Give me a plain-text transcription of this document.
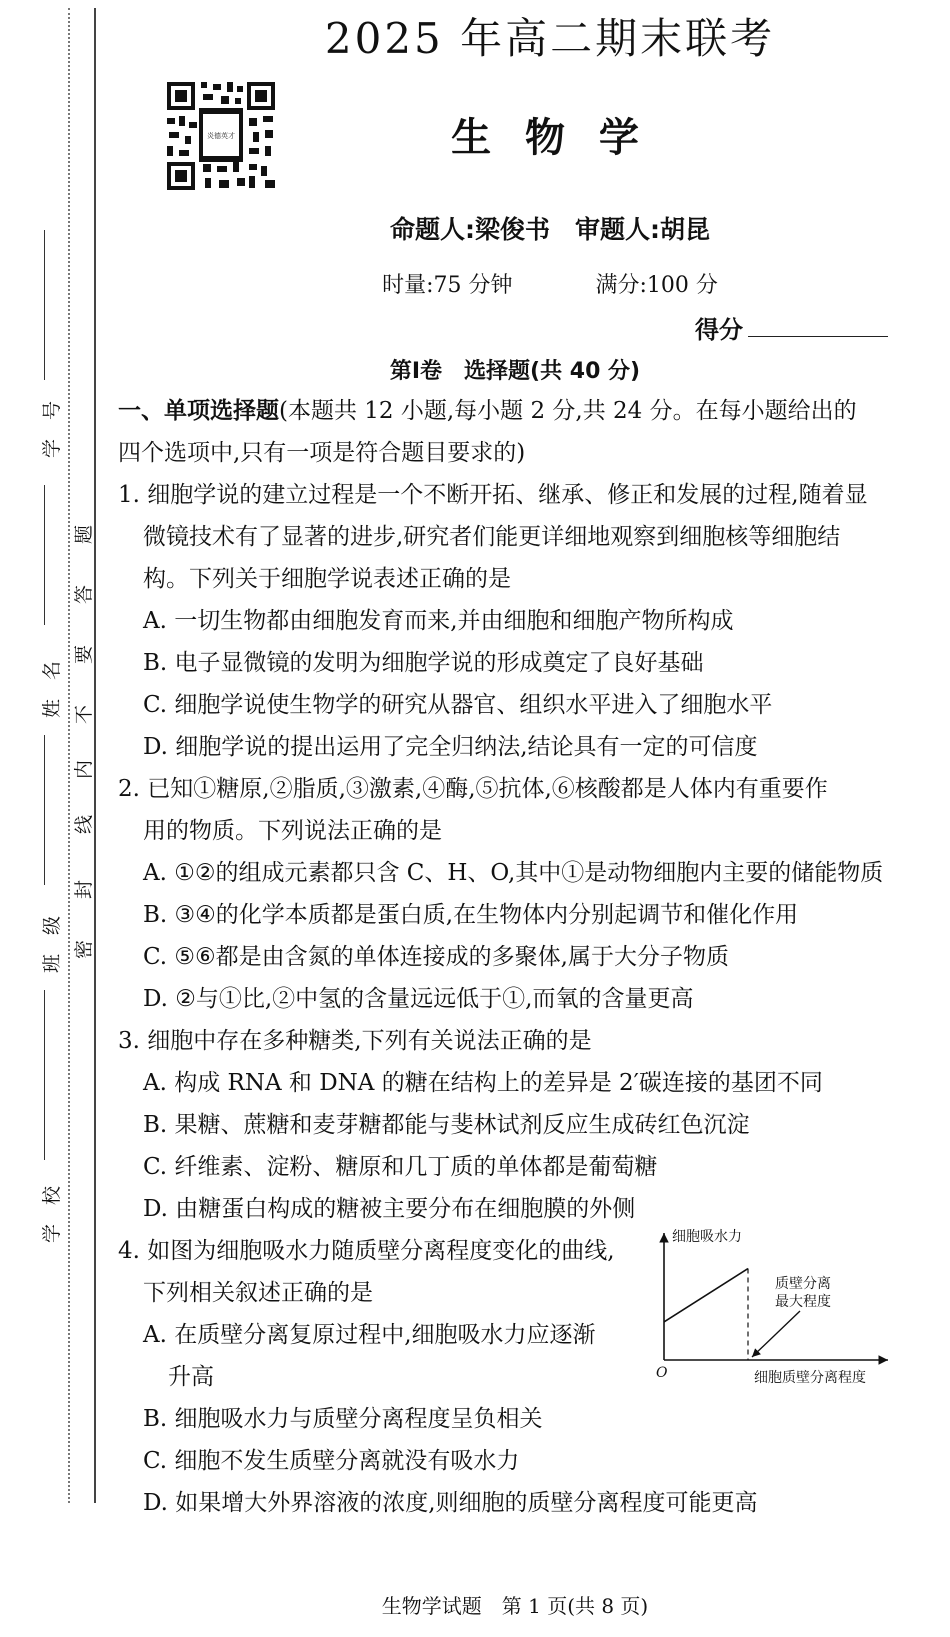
学　号
姓　名
班　级
学　校
密
封
线
内
不
要
答
题
2025 年高二期末联考
炎德英才	生 物 学
命题人:梁俊书　审题人:胡昆
时量:75 分钟	满分:100 分
得分
第Ⅰ卷　选择题(共 40 分)
一、单项选择题(本题共 12 小题,每小题 2 分,共 24 分。在每小题给出的
四个选项中,只有一项是符合题目要求的)
1. 细胞学说的建立过程是一个不断开拓、继承、修正和发展的过程,随着显
微镜技术有了显著的进步,研究者们能更详细地观察到细胞核等细胞结
构。下列关于细胞学说表述正确的是
A. 一切生物都由细胞发育而来,并由细胞和细胞产物所构成
B. 电子显微镜的发明为细胞学说的形成奠定了良好基础
C. 细胞学说使生物学的研究从器官、组织水平进入了细胞水平
D. 细胞学说的提出运用了完全归纳法,结论具有一定的可信度
2. 已知①糖原,②脂质,③激素,④酶,⑤抗体,⑥核酸都是人体内有重要作
用的物质。下列说法正确的是
A. ①②的组成元素都只含 C、H、O,其中①是动物细胞内主要的储能物质
B. ③④的化学本质都是蛋白质,在生物体内分别起调节和催化作用
C. ⑤⑥都是由含氮的单体连接成的多聚体,属于大分子物质
D. ②与①比,②中氢的含量远远低于①,而氧的含量更高
3. 细胞中存在多种糖类,下列有关说法正确的是
A. 构成 RNA 和 DNA 的糖在结构上的差异是 2′碳连接的基团不同
B. 果糖、蔗糖和麦芽糖都能与斐林试剂反应生成砖红色沉淀
C. 纤维素、淀粉、糖原和几丁质的单体都是葡萄糖
D. 由糖蛋白构成的糖被主要分布在细胞膜的外侧
4. 如图为细胞吸水力随质壁分离程度变化的曲线,
下列相关叙述正确的是
A. 在质壁分离复原过程中,细胞吸水力应逐渐
升高
B. 细胞吸水力与质壁分离程度呈负相关
C. 细胞不发生质壁分离就没有吸水力
D. 如果增大外界溶液的浓度,则细胞的质壁分离程度可能更高
细胞吸水力
O	细胞质壁分离程度
质壁分离
最大程度
生物学试题　第 1 页(共 8 页)
